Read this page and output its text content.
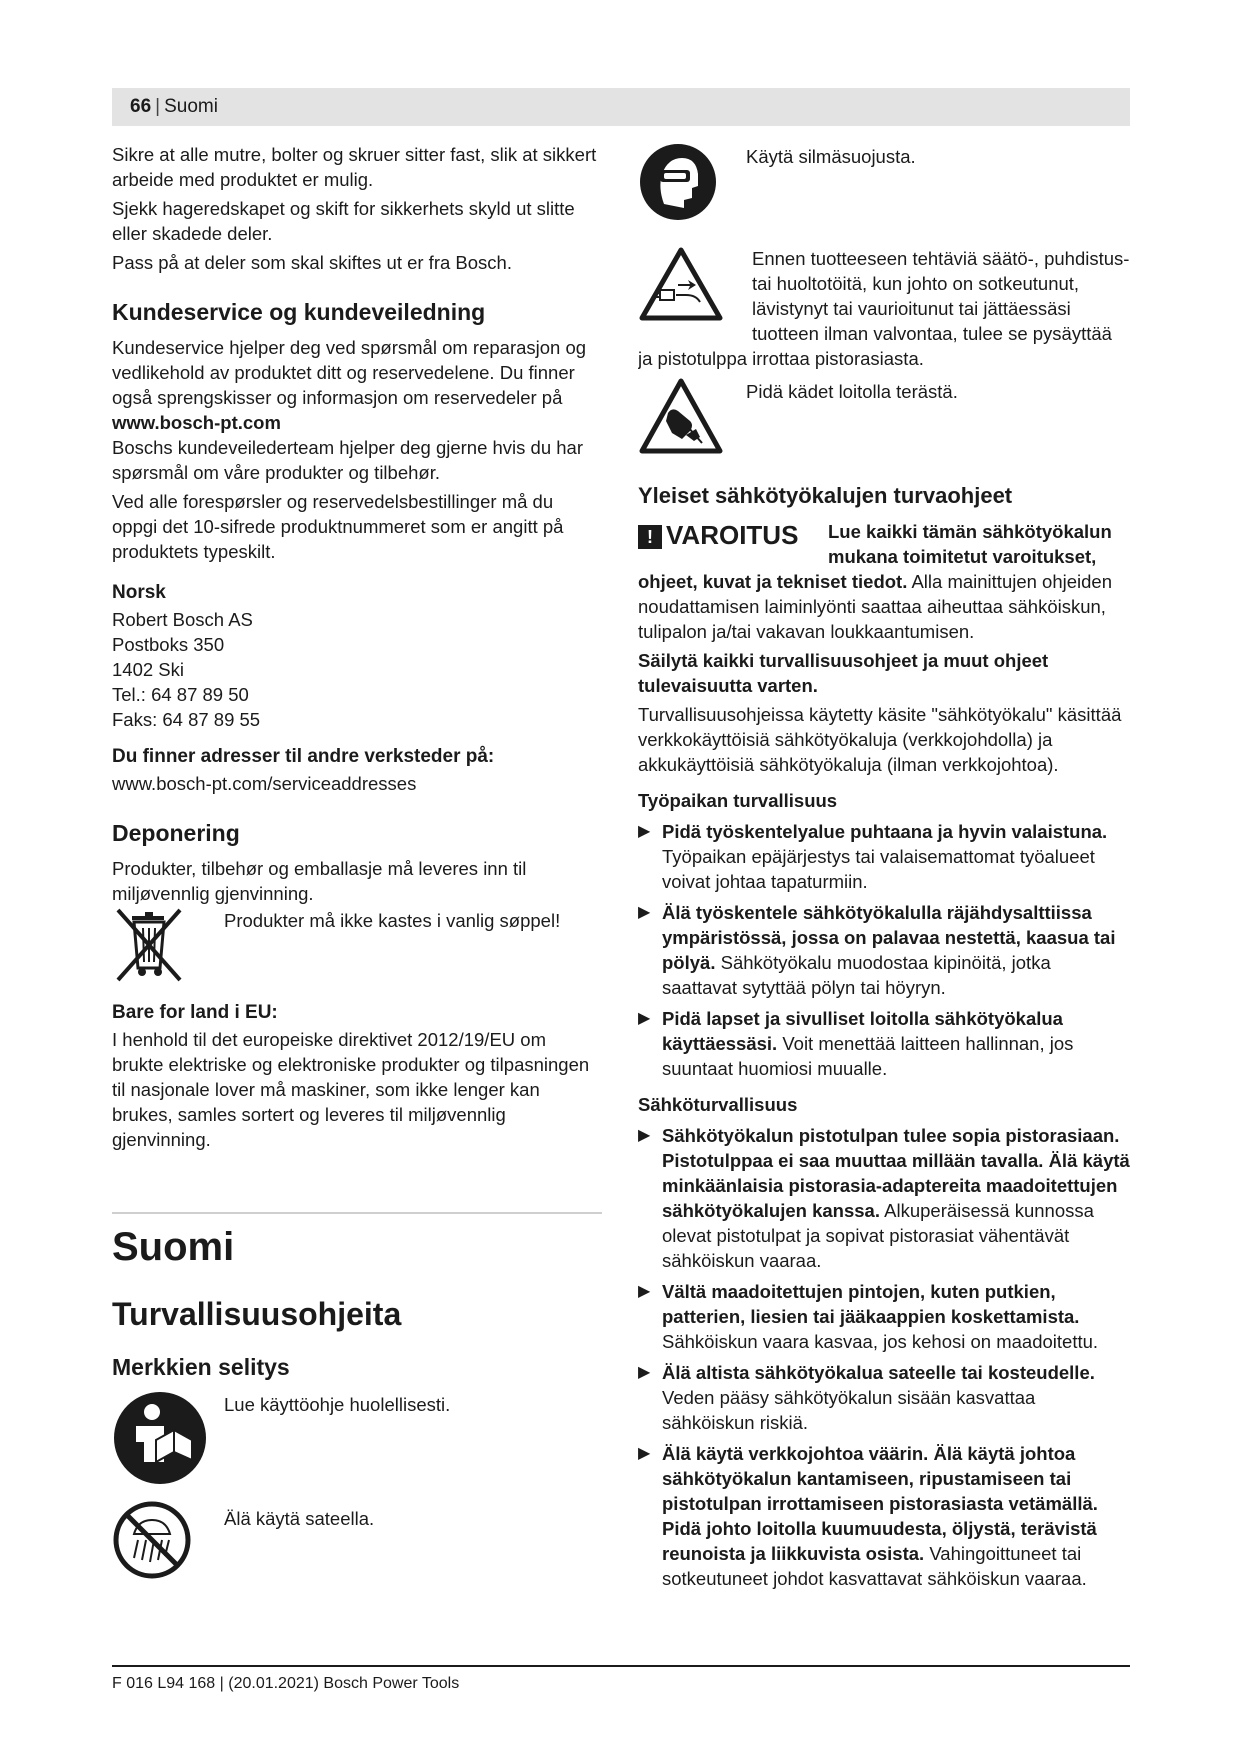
66 | Suomi

Sikre at alle mutre, bolter og skruer sitter fast, slik at sikkert arbeide med produktet er mulig.

Sjekk hageredskapet og skift for sikkerhets skyld ut slitte eller skadede deler.

Pass på at deler som skal skiftes ut er fra Bosch.

Kundeservice og kundeveiledning

Kundeservice hjelper deg ved spørsmål om reparasjon og vedlikehold av produktet ditt og reservedelene. Du finner også sprengskisser og informasjon om reservedeler på
www.bosch-pt.com

Boschs kundeveilederteam hjelper deg gjerne hvis du har spørsmål om våre produkter og tilbehør.

Ved alle forespørsler og reservedelsbestillinger må du oppgi det 10-sifrede produktnummeret som er angitt på produktets typeskilt.

Norsk
Robert Bosch AS
Postboks 350
1402 Ski
Tel.: 64 87 89 50
Faks: 64 87 89 55
Du finner adresser til andre verksteder på:

www.bosch-pt.com/serviceaddresses

Deponering

Produkter, tilbehør og emballasje må leveres inn til miljøvennlig gjenvinning.

Produkter må ikke kastes i vanlig søppel!
Bare for land i EU:

I henhold til det europeiske direktivet 2012/19/EU om brukte elektriske og elektroniske produkter og tilpasningen til nasjonale lover må maskiner, som ikke lenger kan brukes, samles sortert og leveres til miljøvennlig gjenvinning.

Suomi
Turvallisuusohjeita
Merkkien selitys
Lue käyttöohje huolellisesti.
Älä käytä sateella.
Käytä silmäsuojusta.
Ennen tuotteeseen tehtäviä säätö-, puhdistus- tai huoltotöitä, kun johto on sotkeutunut, lävistynyt tai vaurioitunut tai jättäessäsi tuotteen ilman valvontaa, tulee se pysäyttää ja pistotulppa irrottaa pistorasiasta.
Pidä kädet loitolla terästä.
Yleiset sähkötyökalujen turvaohjeet
! VAROITUS	Lue kaikki tämän sähkötyökalun mukana toimitetut varoitukset, ohjeet, kuvat ja tekniset tiedot. Alla mainittujen ohjeiden noudattamisen laiminlyönti saattaa aiheuttaa sähköiskun, tulipalon ja/tai vakavan loukkaantumisen.

Säilytä kaikki turvallisuusohjeet ja muut ohjeet tulevaisuutta varten.

Turvallisuusohjeissa käytetty käsite "sähkötyökalu" käsittää verkkokäyttöisiä sähkötyökaluja (verkkojohdolla) ja akkukäyttöisiä sähkötyökaluja (ilman verkkojohtoa).

Työpaikan turvallisuus
▶ Pidä työskentelyalue puhtaana ja hyvin valaistuna. Työpaikan epäjärjestys tai valaisemattomat työalueet voivat johtaa tapaturmiin.
▶ Älä työskentele sähkötyökalulla räjähdysalttiissa ympäristössä, jossa on palavaa nestettä, kaasua tai pölyä. Sähkötyökalu muodostaa kipinöitä, jotka saattavat sytyttää pölyn tai höyryn.
▶ Pidä lapset ja sivulliset loitolla sähkötyökalua käyttäessäsi. Voit menettää laitteen hallinnan, jos suuntaat huomiosi muualle.
Sähköturvallisuus
▶ Sähkötyökalun pistotulpan tulee sopia pistorasiaan. Pistotulppaa ei saa muuttaa millään tavalla. Älä käytä minkäänlaisia pistorasia-adaptereita maadoitettujen sähkötyökalujen kanssa. Alkuperäisessä kunnossa olevat pistotulpat ja sopivat pistorasiat vähentävät sähköiskun vaaraa.
▶ Vältä maadoitettujen pintojen, kuten putkien, patterien, liesien tai jääkaappien koskettamista. Sähköiskun vaara kasvaa, jos kehosi on maadoitettu.
▶ Älä altista sähkötyökalua sateelle tai kosteudelle. Veden pääsy sähkötyökalun sisään kasvattaa sähköiskun riskiä.
▶ Älä käytä verkkojohtoa väärin. Älä käytä johtoa sähkötyökalun kantamiseen, ripustamiseen tai pistotulpan irrottamiseen pistorasiasta vetämällä. Pidä johto loitolla kuumuudesta, öljystä, terävistä reunoista ja liikkuvista osista. Vahingoittuneet tai sotkeutuneet johdot kasvattavat sähköiskun vaaraa.
F 016 L94 168 | (20.01.2021) Bosch Power Tools
